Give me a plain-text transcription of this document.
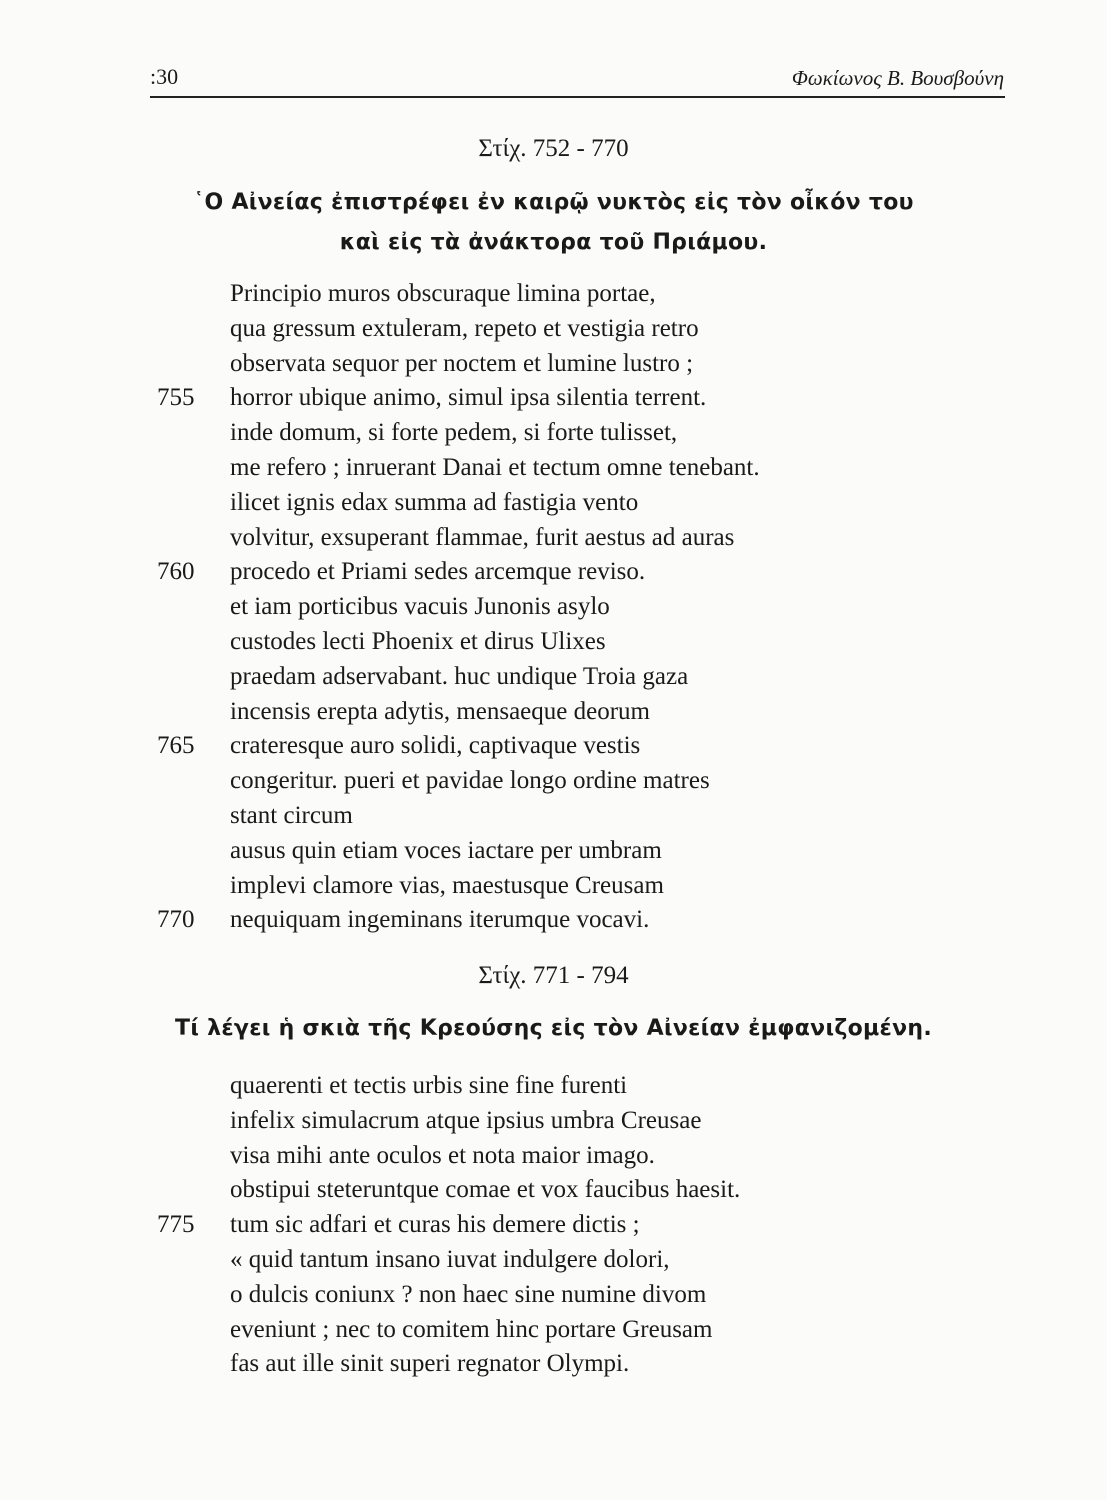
:30	Φωκίωνος Β. Βουσβούνη
Στίχ. 752 - 770
῾Ο Αἰνείας ἐπιστρέφει ἐν καιρῷ νυκτὸς εἰς τὸν οἶκόν του
καὶ εἰς τὰ ἀνάκτορα τοῦ Πριάμου.
Principio muros obscuraque limina portae,
qua gressum extuleram, repeto et vestigia retro
observata sequor per noctem et lumine lustro ;
755 horror ubique animo, simul ipsa silentia terrent.
inde domum, si forte pedem, si forte tulisset,
me refero ; inruerant Danai et tectum omne tenebant.
ilicet ignis edax summa ad fastigia vento
volvitur, exsuperant flammae, furit aestus ad auras
760 procedo et Priami sedes arcemque reviso.
et iam porticibus vacuis Junonis asylo
custodes lecti Phoenix et dirus Ulixes
praedam adservabant. huc undique Troia gaza
incensis erepta adytis, mensaeque deorum
765 crateresque auro solidi, captivaque vestis
congeritur. pueri et pavidae longo ordine matres
stant circum
ausus quin etiam voces iactare per umbram
implevi clamore vias, maestusque Creusam
770 nequiquam ingeminans iterumque vocavi.
Στίχ. 771 - 794
Τί λέγει ἡ σκιὰ τῆς Κρεούσης εἰς τὸν Αἰνείαν ἐμφανιζομένη.
quaerenti et tectis urbis sine fine furenti
infelix simulacrum atque ipsius umbra Creusae
visa mihi ante oculos et nota maior imago.
obstipui steteruntque comae et vox faucibus haesit.
775 tum sic adfari et curas his demere dictis ;
« quid tantum insano iuvat indulgere dolori,
o dulcis coniunx ? non haec sine numine divom
eveniunt ; nec to comitem hinc portare Greusam
fas aut ille sinit superi regnator Olympi.
